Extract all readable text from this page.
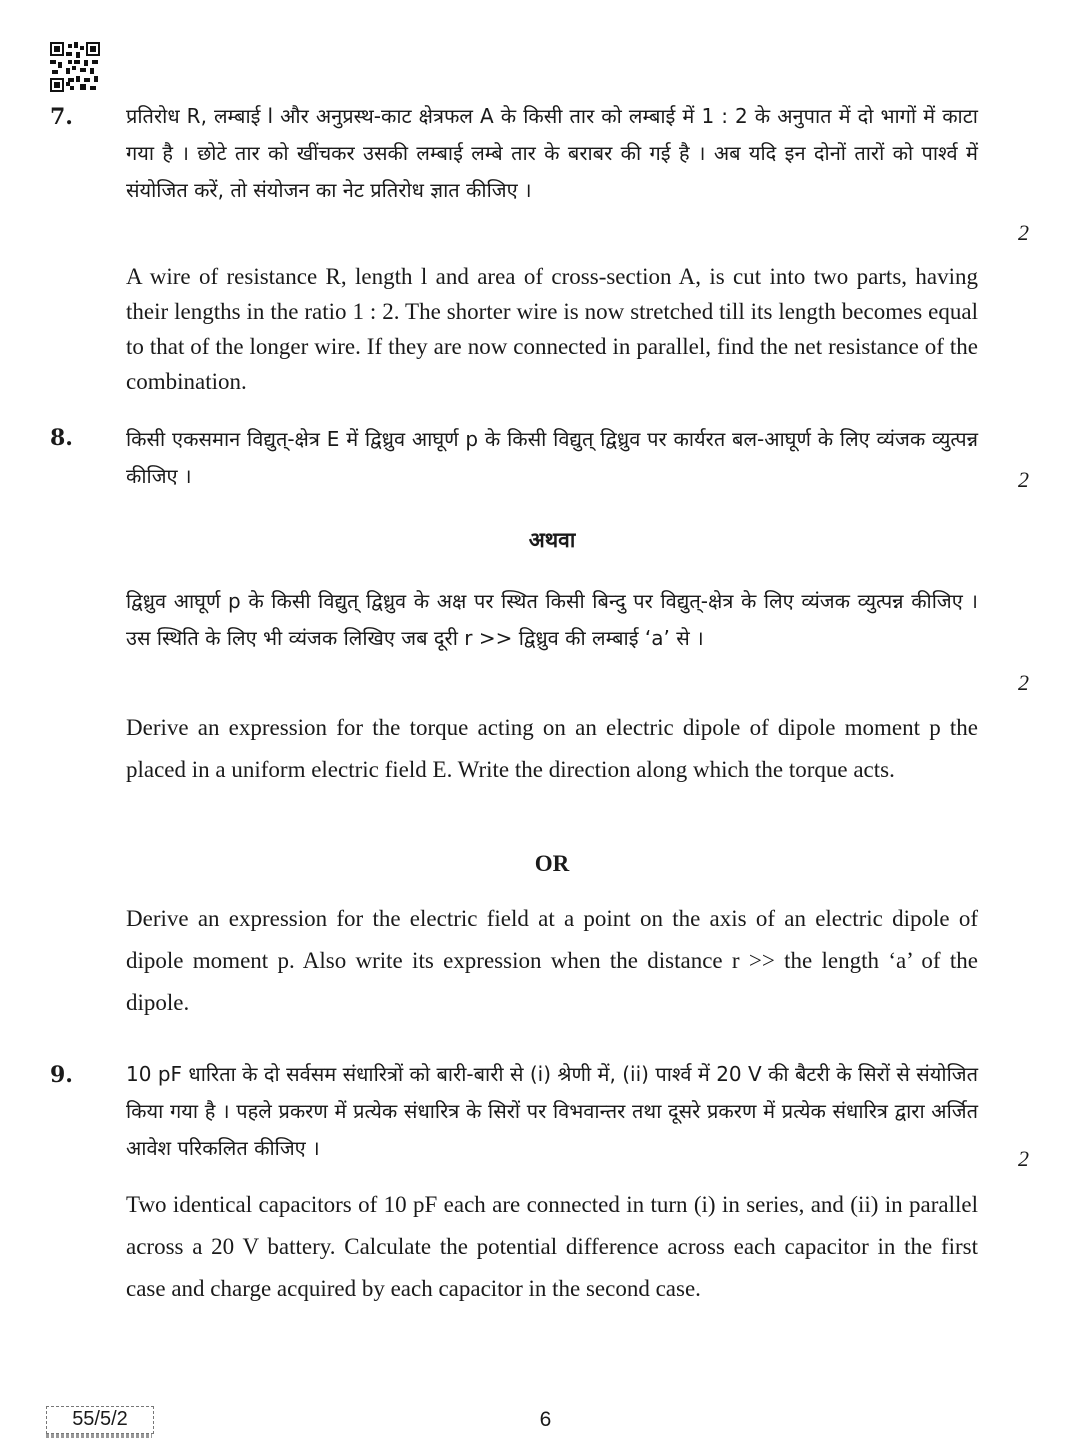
7.	प्रतिरोध R, लम्बाई l और अनुप्रस्थ-काट क्षेत्रफल A के किसी तार को लम्बाई में 1 : 2 के अनुपात में दो भागों में काटा गया है । छोटे तार को खींचकर उसकी लम्बाई लम्बे तार के बराबर की गई है । अब यदि इन दोनों तारों को पार्श्व में संयोजित करें, तो संयोजन का नेट प्रतिरोध ज्ञात कीजिए ।
2
A wire of resistance R, length l and area of cross-section A, is cut into two parts, having their lengths in the ratio 1 : 2. The shorter wire is now stretched till its length becomes equal to that of the longer wire. If they are now connected in parallel, find the net resistance of the combination.
8.	किसी एकसमान विद्युत्-क्षेत्र E में द्विध्रुव आघूर्ण p के किसी विद्युत् द्विध्रुव पर कार्यरत बल-आघूर्ण के लिए व्यंजक व्युत्पन्न कीजिए ।	2
अथवा
द्विध्रुव आघूर्ण p के किसी विद्युत् द्विध्रुव के अक्ष पर स्थित किसी बिन्दु पर विद्युत्-क्षेत्र के लिए व्यंजक व्युत्पन्न कीजिए । उस स्थिति के लिए भी व्यंजक लिखिए जब दूरी r >> द्विध्रुव की लम्बाई ‘a’ से ।
2
Derive an expression for the torque acting on an electric dipole of dipole moment p the placed in a uniform electric field E. Write the direction along which the torque acts.
OR
Derive an expression for the electric field at a point on the axis of an electric dipole of dipole moment p. Also write its expression when the distance r >> the length ‘a’ of the dipole.
9.	10 pF धारिता के दो सर्वसम संधारित्रों को बारी-बारी से (i) श्रेणी में, (ii) पार्श्व में 20 V की बैटरी के सिरों से संयोजित किया गया है । पहले प्रकरण में प्रत्येक संधारित्र के सिरों पर विभवान्तर तथा दूसरे प्रकरण में प्रत्येक संधारित्र द्वारा अर्जित आवेश परिकलित कीजिए ।	2
Two identical capacitors of 10 pF each are connected in turn (i) in series, and (ii) in parallel across a 20 V battery. Calculate the potential difference across each capacitor in the first case and charge acquired by each capacitor in the second case.
55/5/2	6
